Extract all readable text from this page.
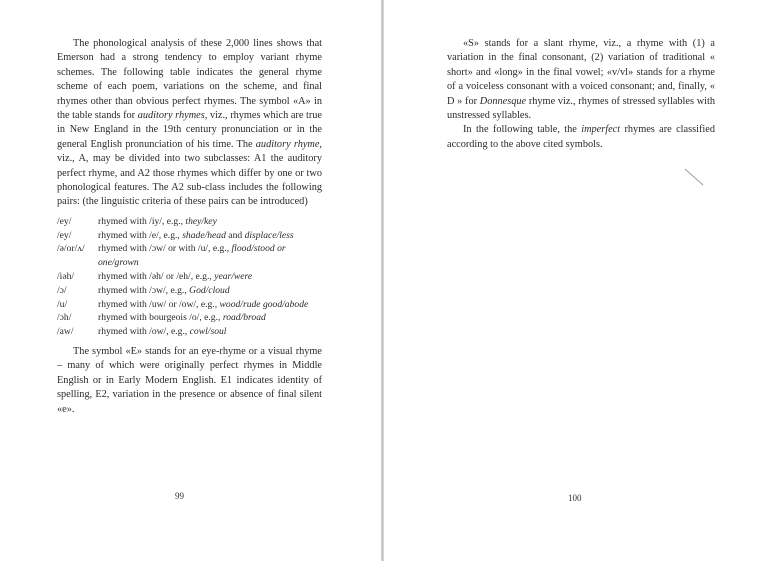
The phonological analysis of these 2,000 lines shows that Emerson had a strong tendency to employ variant rhyme schemes. The following table indicates the general rhyme scheme of each poem, variations on the scheme, and final rhymes other than obvious perfect rhymes. The symbol «A» in the table stands for auditory rhymes, viz., rhymes which are true in New England in the 19th century pronunciation or in the general English pronunciation of his time. The auditory rhyme, viz., A, may be divided into two subclasses: A1 the auditory perfect rhyme, and A2 those rhymes which differ by one or two phonological features. The A2 sub-class includes the following pairs: (the linguistic criteria of these pairs can be introduced)

/ey/	rhymed with /iy/, e.g., they/key
/ey/	rhymed with /e/, e.g., shade/head and displace/less
/ə/or/ʌ/	rhymed with /ɔw/ or with /u/, e.g., flood/stood or one/grown
/iəh/	rhymed with /əh/ or /eh/, e.g., year/were
/ɔ/	rhymed with /ɔw/, e.g., God/cloud
/u/	rhymed with /uw/ or /ow/, e.g., wood/rude good/abode
/ɔh/	rhymed with bourgeois /o/, e.g., road/broad
/aw/	rhymed with /ow/, e.g., cowl/soul

The symbol «E» stands for an eye-rhyme or a visual rhyme – many of which were originally perfect rhymes in Middle English or in Early Modern English. E1 indicates identity of spelling, E2, variation in the presence or absence of final silent «e».

99

«S» stands for a slant rhyme, viz., a rhyme with (1) a variation in the final consonant, (2) variation of traditional « short» and «long» in the final vowel; «v/vl» stands for a rhyme of a voiceless consonant with a voiced consonant; and, finally, « D » for Donnesque rhyme viz., rhymes of stressed syllables with unstressed syllables.

In the following table, the imperfect rhymes are classified according to the above cited symbols.

100
